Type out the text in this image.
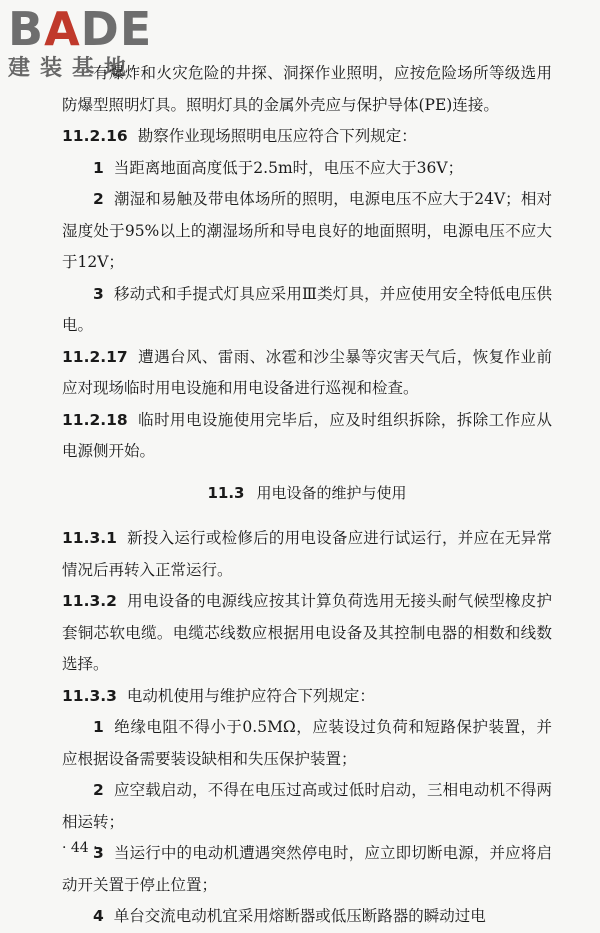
BADE

建装基地

有爆炸和火灾危险的井探、洞探作业照明，应按危险场所等级选用防爆型照明灯具。照明灯具的金属外壳应与保护导体(PE)连接。

11.2.16 勘察作业现场照明电压应符合下列规定：

1 当距离地面高度低于2.5m时，电压不应大于36V；

2 潮湿和易触及带电体场所的照明，电源电压不应大于24V；相对湿度处于95%以上的潮湿场所和导电良好的地面照明，电源电压不应大于12V；

3 移动式和手提式灯具应采用Ⅲ类灯具，并应使用安全特低电压供电。

11.2.17 遭遇台风、雷雨、冰雹和沙尘暴等灾害天气后，恢复作业前应对现场临时用电设施和用电设备进行巡视和检查。

11.2.18 临时用电设施使用完毕后，应及时组织拆除，拆除工作应从电源侧开始。

11.3 用电设备的维护与使用

11.3.1 新投入运行或检修后的用电设备应进行试运行，并应在无异常情况后再转入正常运行。

11.3.2 用电设备的电源线应按其计算负荷选用无接头耐气候型橡皮护套铜芯软电缆。电缆芯线数应根据用电设备及其控制电器的相数和线数选择。

11.3.3 电动机使用与维护应符合下列规定：

1 绝缘电阻不得小于0.5MΩ，应装设过负荷和短路保护装置，并应根据设备需要装设缺相和失压保护装置；

2 应空载启动，不得在电压过高或过低时启动，三相电动机不得两相运转；

3 当运行中的电动机遭遇突然停电时，应立即切断电源，并应将启动开关置于停止位置；

4 单台交流电动机宜采用熔断器或低压断路器的瞬动过电

· 44 ·
